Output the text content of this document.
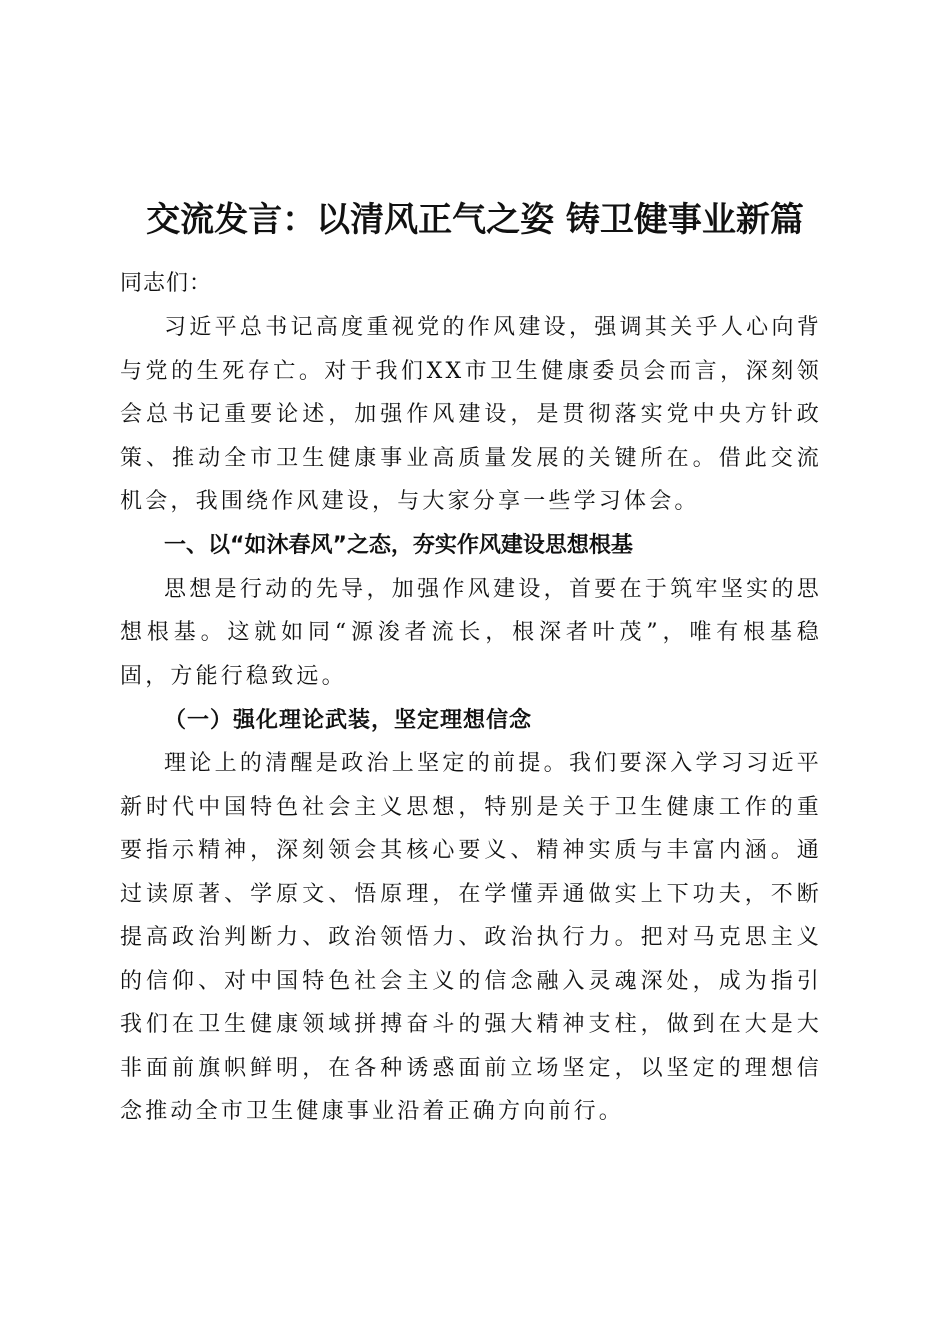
交流发言：以清风正气之姿 铸卫健事业新篇

同志们：

习近平总书记高度重视党的作风建设，强调其关乎人心向背与党的生死存亡。对于我们XX市卫生健康委员会而言，深刻领会总书记重要论述，加强作风建设，是贯彻落实党中央方针政策、推动全市卫生健康事业高质量发展的关键所在。借此交流机会，我围绕作风建设，与大家分享一些学习体会。

一、以“如沐春风”之态，夯实作风建设思想根基

思想是行动的先导，加强作风建设，首要在于筑牢坚实的思想根基。这就如同“源浚者流长，根深者叶茂”，唯有根基稳固，方能行稳致远。

（一）强化理论武装，坚定理想信念

理论上的清醒是政治上坚定的前提。我们要深入学习习近平新时代中国特色社会主义思想，特别是关于卫生健康工作的重要指示精神，深刻领会其核心要义、精神实质与丰富内涵。通过读原著、学原文、悟原理，在学懂弄通做实上下功夫，不断提高政治判断力、政治领悟力、政治执行力。把对马克思主义的信仰、对中国特色社会主义的信念融入灵魂深处，成为指引我们在卫生健康领域拼搏奋斗的强大精神支柱，做到在大是大非面前旗帜鲜明，在各种诱惑面前立场坚定，以坚定的理想信念推动全市卫生健康事业沿着正确方向前行。
